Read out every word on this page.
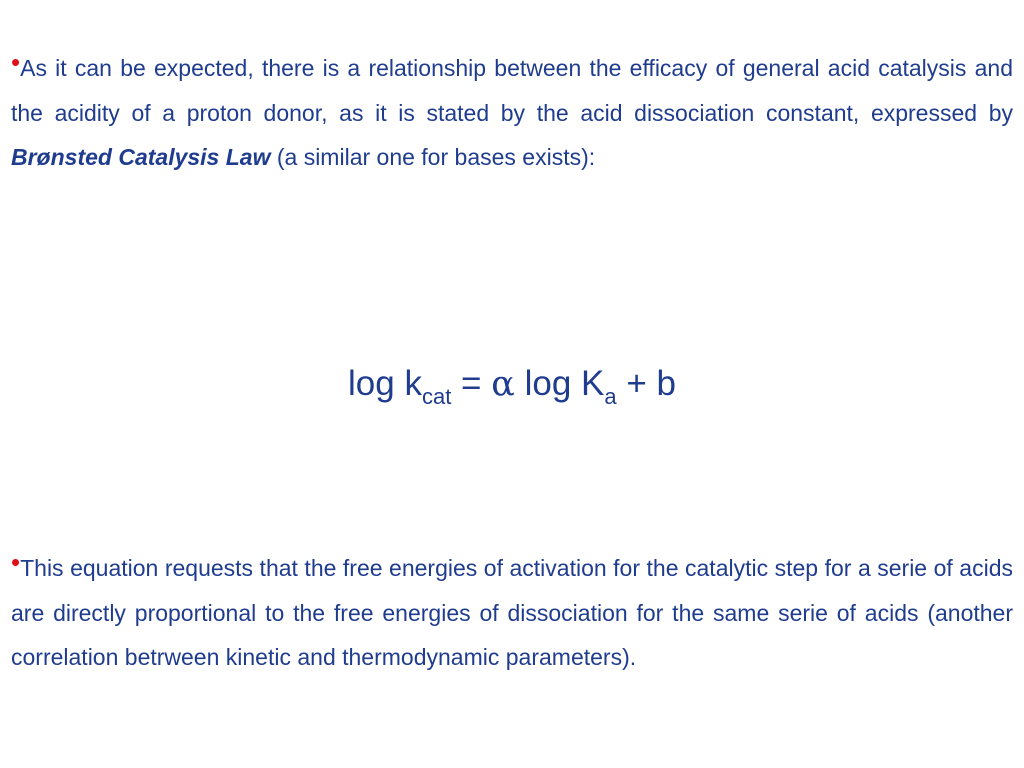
•As it can be expected, there is a relationship between the efficacy of general acid catalysis and the acidity of a proton donor, as it is stated by the acid dissociation constant, expressed by Brønsted Catalysis Law (a similar one for bases exists):

$\log k_{cat} = \alpha$ $\log K_a + b$

•This equation requests that the free energies of activation for the catalytic step for a serie of acids are directly proportional to the free energies of dissociation for the same serie of acids (another correlation betrween kinetic and thermodynamic parameters).
